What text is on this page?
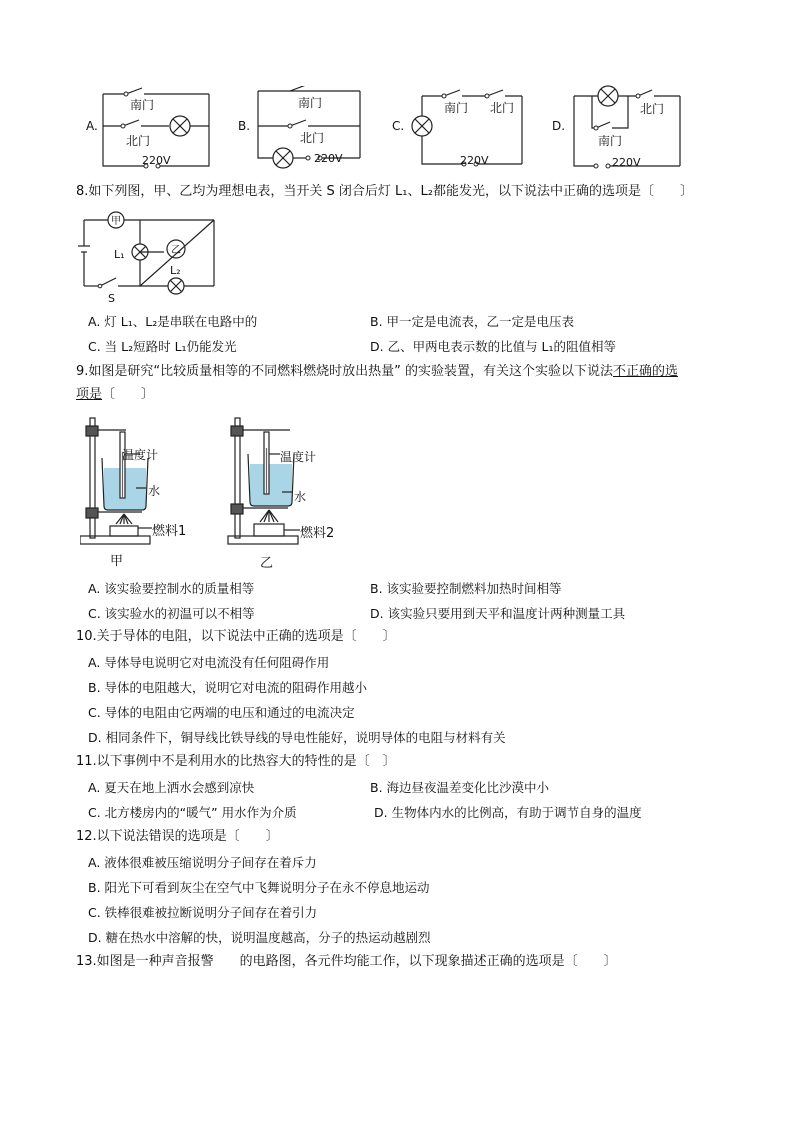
A.
南门
北门
220V
B.
南门
北门
220V
C.
南门 北门
220V
D.
北门
南门
220V
8.如下列图，甲、乙均为理想电表，当开关 S 闭合后灯 L₁、L₂都能发光，以下说法中正确的选项是〔　　〕
甲
乙
L₁
L₂
S
A. 灯 L₁、L₂是串联在电路中的	B. 甲一定是电流表，乙一定是电压表
C. 当 L₂短路时 L₁仍能发光	D. 乙、甲两电表示数的比值与 L₁的阻值相等
9.如图是研究“比较质量相等的不同燃料燃烧时放出热量” 的实验装置，有关这个实验以下说法不正确的选
项是〔　　〕
温度计
水
燃料1
甲
温度计
水
燃料2
乙
A. 该实验要控制水的质量相等	B. 该实验要控制燃料加热时间相等
C. 该实验水的初温可以不相等	D. 该实验只要用到天平和温度计两种测量工具
10.关于导体的电阻，以下说法中正确的选项是〔　　〕
A. 导体导电说明它对电流没有任何阻碍作用
B. 导体的电阻越大，说明它对电流的阻碍作用越小
C. 导体的电阻由它两端的电压和通过的电流决定
D. 相同条件下，铜导线比铁导线的导电性能好，说明导体的电阻与材料有关
11.以下事例中不是利用水的比热容大的特性的是〔　〕
A. 夏天在地上洒水会感到凉快	B. 海边昼夜温差变化比沙漠中小
C. 北方楼房内的“暖气” 用水作为介质	D. 生物体内水的比例高，有助于调节自身的温度
12.以下说法错误的选项是〔　　〕
A. 液体很难被压缩说明分子间存在着斥力
B. 阳光下可看到灰尘在空气中飞舞说明分子在永不停息地运动
C. 铁棒很难被拉断说明分子间存在着引力
D. 糖在热水中溶解的快，说明温度越高，分子的热运动越剧烈
13.如图是一种声音报警　　的电路图，各元件均能工作，以下现象描述正确的选项是〔　　〕
